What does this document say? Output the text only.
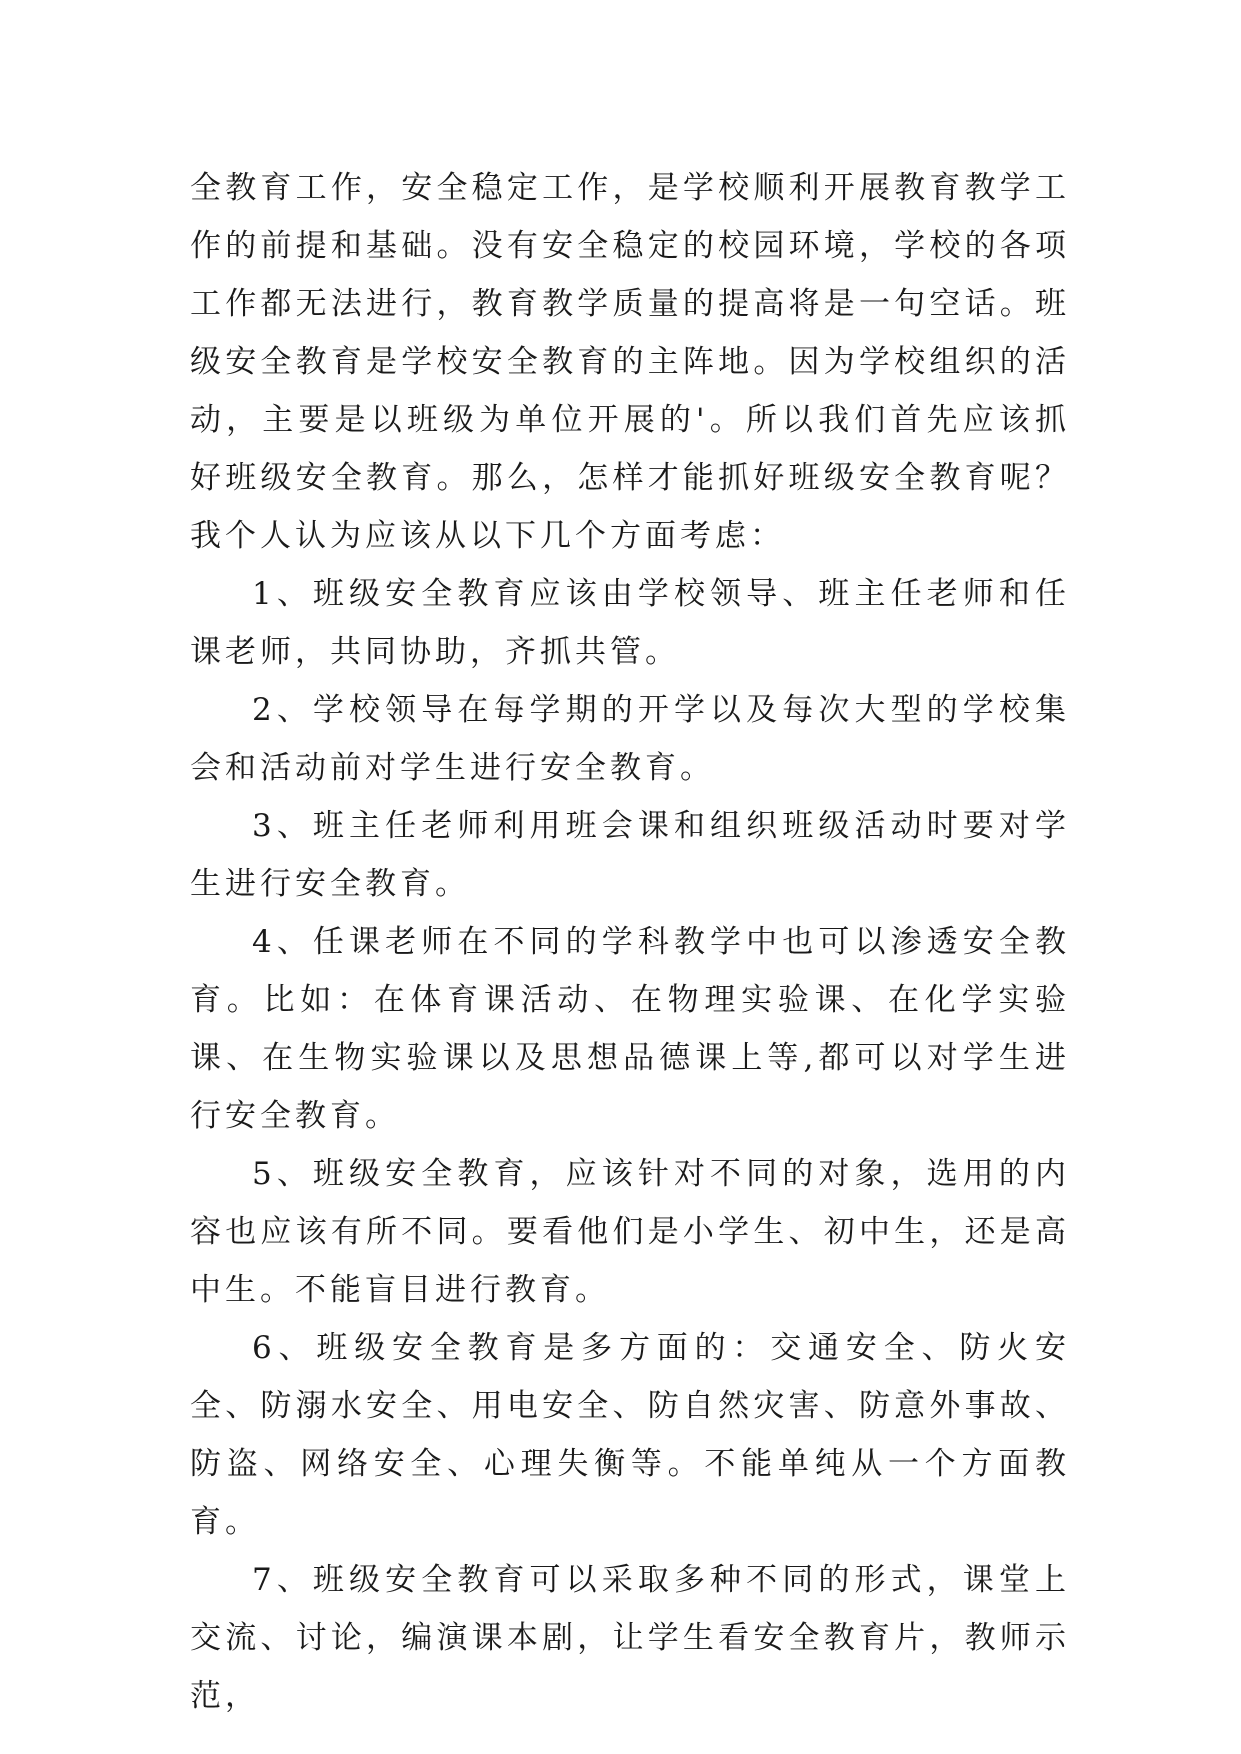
全教育工作，安全稳定工作，是学校顺利开展教育教学工作的前提和基础。没有安全稳定的校园环境，学校的各项工作都无法进行，教育教学质量的提高将是一句空话。班级安全教育是学校安全教育的主阵地。因为学校组织的活动，主要是以班级为单位开展的'。所以我们首先应该抓好班级安全教育。那么，怎样才能抓好班级安全教育呢？我个人认为应该从以下几个方面考虑：

1、班级安全教育应该由学校领导、班主任老师和任课老师，共同协助，齐抓共管。

2、学校领导在每学期的开学以及每次大型的学校集会和活动前对学生进行安全教育。

3、班主任老师利用班会课和组织班级活动时要对学生进行安全教育。

4、任课老师在不同的学科教学中也可以渗透安全教育。比如：在体育课活动、在物理实验课、在化学实验课、在生物实验课以及思想品德课上等,都可以对学生进行安全教育。

5、班级安全教育，应该针对不同的对象，选用的内容也应该有所不同。要看他们是小学生、初中生，还是高中生。不能盲目进行教育。

6、班级安全教育是多方面的：交通安全、防火安全、防溺水安全、用电安全、防自然灾害、防意外事故、防盗、网络安全、心理失衡等。不能单纯从一个方面教育。

7、班级安全教育可以采取多种不同的形式，课堂上交流、讨论，编演课本剧，让学生看安全教育片，教师示范，
